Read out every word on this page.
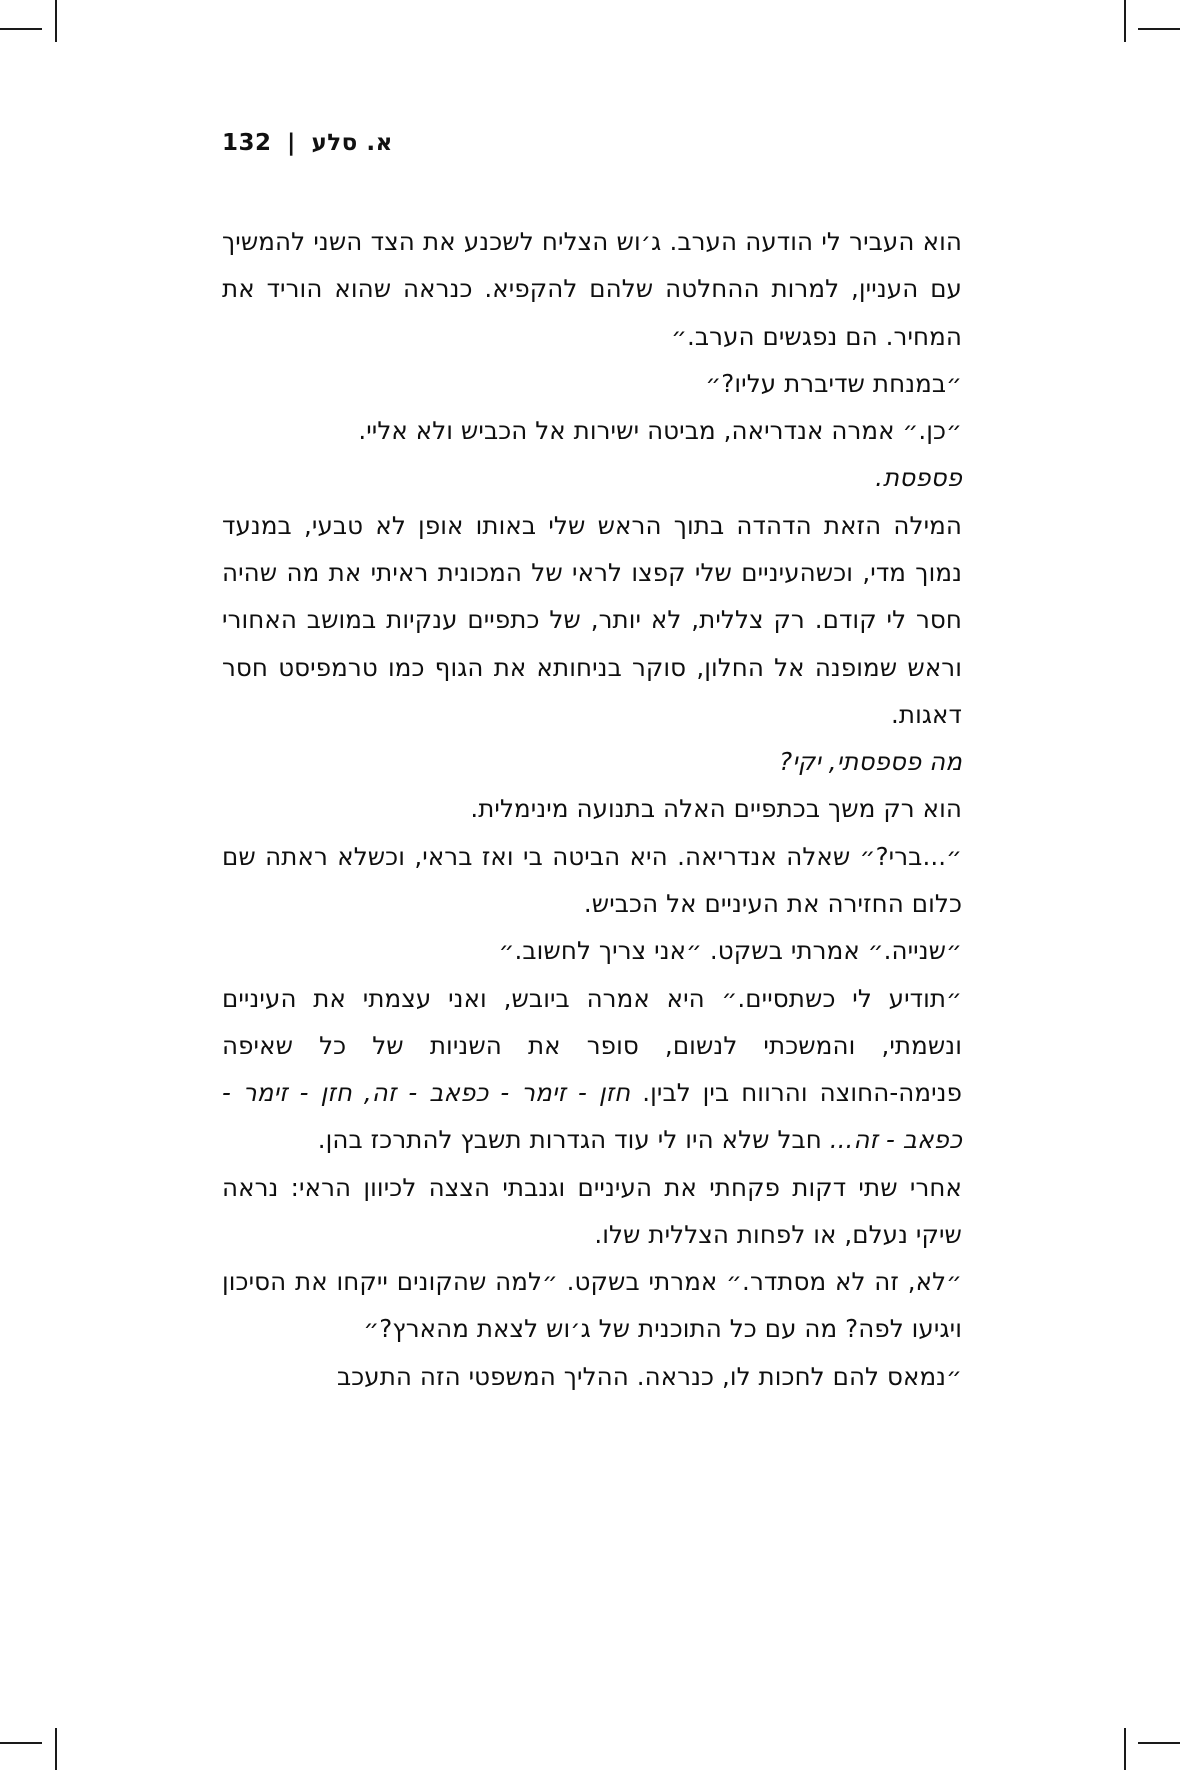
א. סלע | 132

הוא העביר לי הודעה הערב. ג׳וש הצליח לשכנע את הצד השני להמשיך עם העניין, למרות ההחלטה שלהם להקפיא. כנראה שהוא הוריד את המחיר. הם נפגשים הערב.״

״במנחת שדיברת עליו?״

״כן.״ אמרה אנדריאה, מביטה ישירות אל הכביש ולא אליי.

פספסת.

המילה הזאת הדהדה בתוך הראש שלי באותו אופן לא טבעי, במנעד נמוך מדי, וכשהעיניים שלי קפצו לראי של המכונית ראיתי את מה שהיה חסר לי קודם. רק צללית, לא יותר, של כתפיים ענקיות במושב האחורי וראש שמופנה אל החלון, סוקר בניחותא את הגוף כמו טרמפיסט חסר דאגות.

מה פספסתי, יקי?

הוא רק משך בכתפיים האלה בתנועה מינימלית.

״...ברי?״ שאלה אנדריאה. היא הביטה בי ואז בראי, וכשלא ראתה שם כלום החזירה את העיניים אל הכביש.

״שנייה.״ אמרתי בשקט. ״אני צריך לחשוב.״

״תודיע לי כשתסיים.״ היא אמרה ביובש, ואני עצמתי את העיניים ונשמתי, והמשכתי לנשום, סופר את השניות של כל שאיפה פנימה-החוצה והרווח בין לבין. חזן - זימר - כפאב - זה, חזן - זימר - כפאב - זה... חבל שלא היו לי עוד הגדרות תשבץ להתרכז בהן.

אחרי שתי דקות פקחתי את העיניים וגנבתי הצצה לכיוון הראי: נראה שיקי נעלם, או לפחות הצללית שלו.

״לא, זה לא מסתדר.״ אמרתי בשקט. ״למה שהקונים ייקחו את הסיכון ויגיעו לפה? מה עם כל התוכנית של ג׳וש לצאת מהארץ?״

״נמאס להם לחכות לו, כנראה. ההליך המשפטי הזה התעכב
